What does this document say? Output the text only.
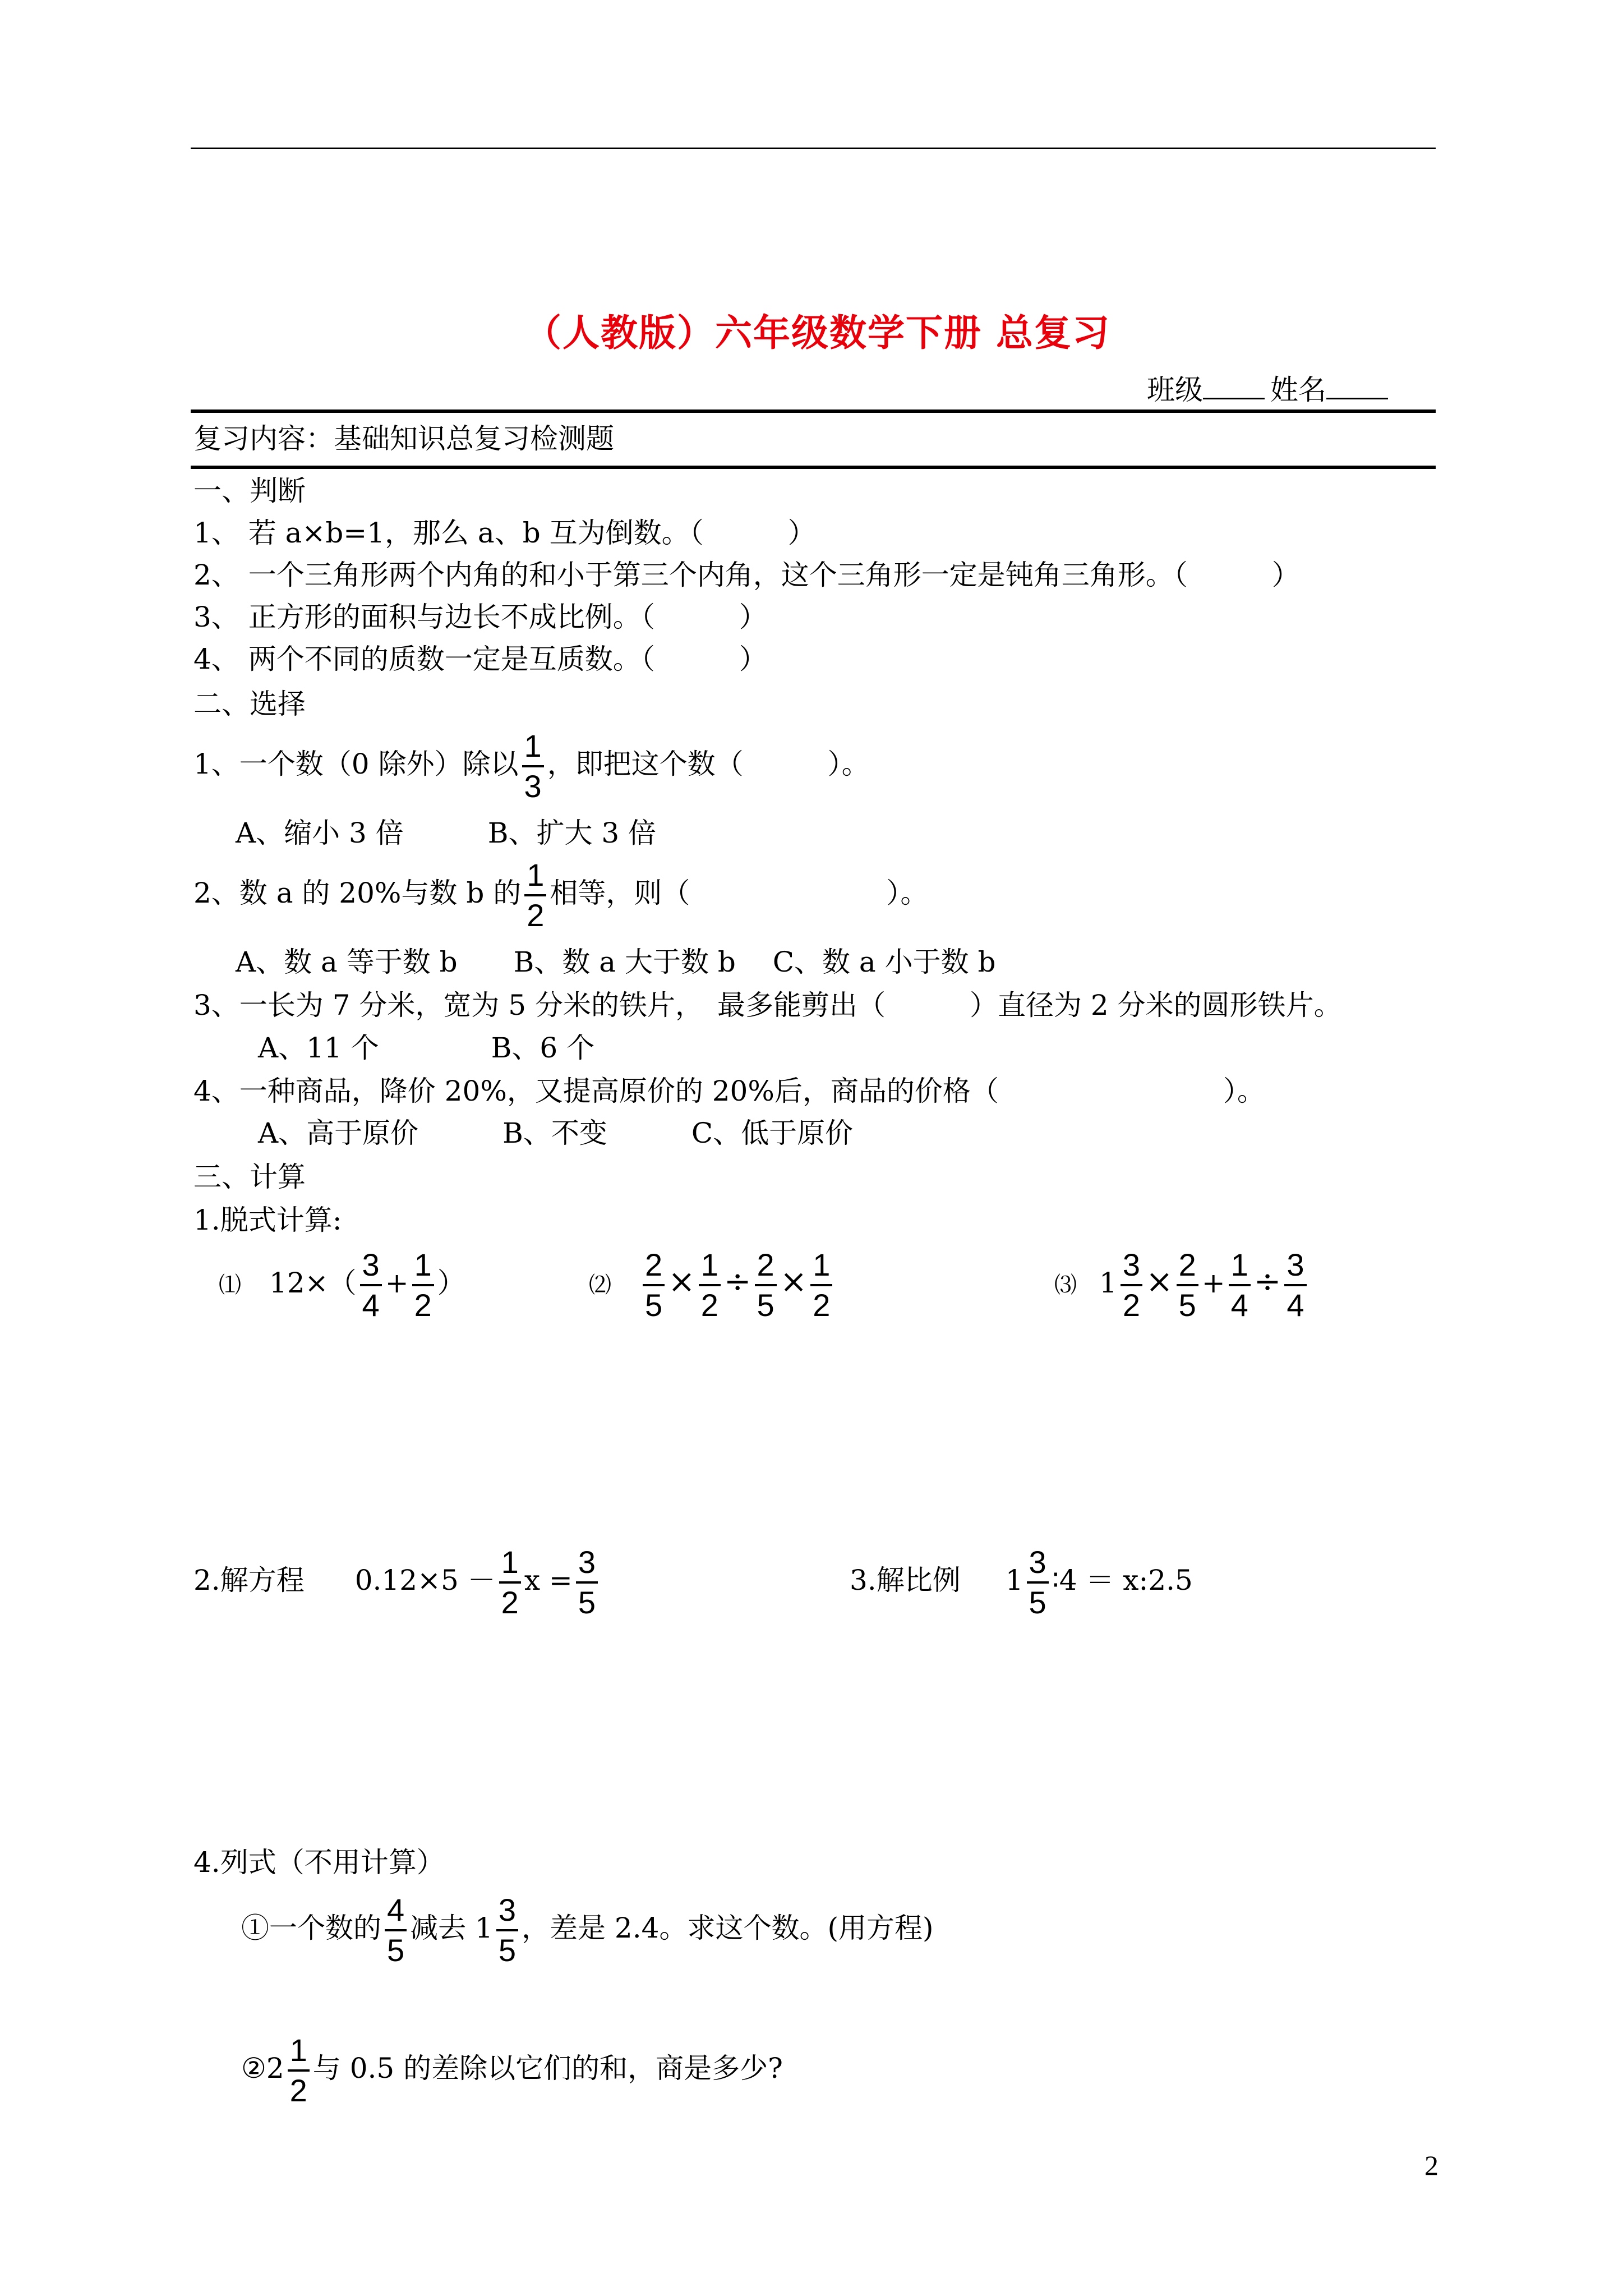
（人教版）六年级数学下册 总复习
班级 姓名
复习内容：基础知识总复习检测题
一、判断
1、 若 a×b=1，那么 a、b 互为倒数。（　　　）
2、 一个三角形两个内角的和小于第三个内角，这个三角形一定是钝角三角形。（　　　）
3、 正方形的面积与边长不成比例。（　　　）
4、 两个不同的质数一定是互质数。（　　　）
二、选择
1、一个数（0 除外）除以 $\frac{1}{3}$ ，即把这个数（　　　）。
A、缩小 3 倍　　　B、扩大 3 倍
2、数 a 的 20%与数 b 的 $\frac{1}{2}$ 相等，则（　　　　　　　）。
A、数 a 等于数 b　　B、数 a 大于数 b　 C、数 a 小于数 b
3、一长为 7 分米，宽为 5 分米的铁片，　最多能剪出（　　　）直径为 2 分米的圆形铁片。
A、11 个　　　　B、6 个
4、一种商品，降价 20%，又提高原价的 20%后，商品的价格（　　　　　　　　）。
A、高于原价　　　B、不变　　　C、低于原价
三、计算
1.脱式计算:
⑴ $12\times( \frac{3}{4} + \frac{1}{2}$ ）	⑵ $\frac{2}{5} \times \frac{1}{2} \div \frac{2}{5} \times \frac{1}{2}$	⑶ $1 \frac{3}{2} \times \frac{2}{5} + \frac{1}{4} \div \frac{3}{4}$
2.解方程 $0.12\times 5 - \frac{1}{2}$ $x = \frac{3}{5}$	3.解比例 $1 \frac{3}{5}$ ∶4 ＝ x:2.5
4.列式（不用计算）
①一个数的 $\frac{4}{5}$ 减去 $1 \frac{3}{5}$ ，差是 2.4。求这个数。(用方程)
②2 $\frac{1}{2}$ 与 0.5 的差除以它们的和，商是多少?
2
